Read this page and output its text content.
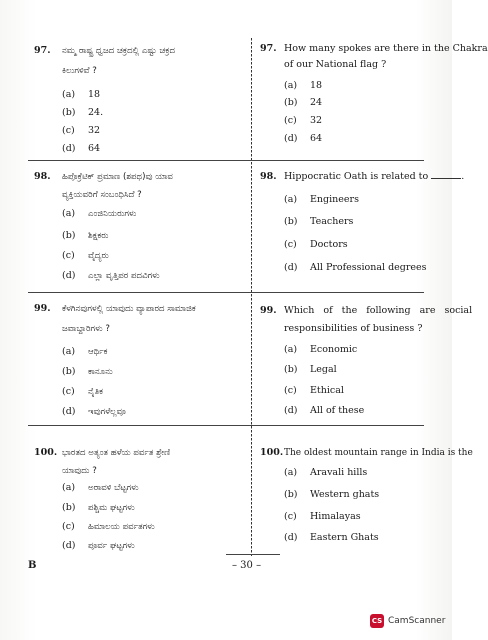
97. ನಮ್ಮ ರಾಷ್ಟ್ರ ಧ್ವಜದ ಚಕ್ರದಲ್ಲಿ ಎಷ್ಟು ಚಕ್ರದ
ಕಿಲುಗಳಿವೆ ?
(a) 18
(b) 24.
(c) 32
(d) 64
98. ಹಿಪೊಕ್ರೆಟಿಕ್ ಪ್ರಮಾಣ (ಶಪಥ)ವು ಯಾವ
ವ್ಯಕ್ತಿಯವರಿಗೆ ಸಂಬಂಧಿಸಿದೆ ?
(a) ಎಂಜಿನಿಯರುಗಳು
(b) ಶಿಕ್ಷಕರು
(c) ವೈದ್ಯರು
(d) ಎಲ್ಲಾ ವೃತ್ತಿಪರ ಪದವಿಗಳು
99. ಕೆಳಗಿನವುಗಳಲ್ಲಿ ಯಾವುದು ವ್ಯಾಪಾರದ ಸಾಮಾಜಿಕ
ಜವಾಬ್ದಾರಿಗಳು ?
(a) ಆರ್ಥಿಕ
(b) ಕಾನೂನು
(c) ನೈತಿಕ
(d) ಇವುಗಳೆಲ್ಲವೂ
100. ಭಾರತದ ಅತ್ಯಂತ ಹಳೆಯ ಪರ್ವತ ಶ್ರೇಣಿ
ಯಾವುದು ?
(a) ಅರಾವಳಿ ಬೆಟ್ಟಗಳು
(b) ಪಶ್ಚಿಮ ಘಟ್ಟಗಳು
(c) ಹಿಮಾಲಯ ಪರ್ವತಗಳು
(d) ಪೂರ್ವ ಘಟ್ಟಗಳು
97. How many spokes are there in the Chakra
of our National flag ?
(a) 18
(b) 24
(c) 32
(d) 64
98. Hippocratic Oath is related to	.
(a) Engineers
(b) Teachers
(c) Doctors
(d) All Professional degrees
99. Which of the following are social
responsibilities of business ?
(a) Economic
(b) Legal
(c) Ethical
(d) All of these
100. The oldest mountain range in India is the
(a) Aravali hills
(b) Western ghats
(c) Himalayas
(d) Eastern Ghats
B	– 30 –
CS CamScanner
